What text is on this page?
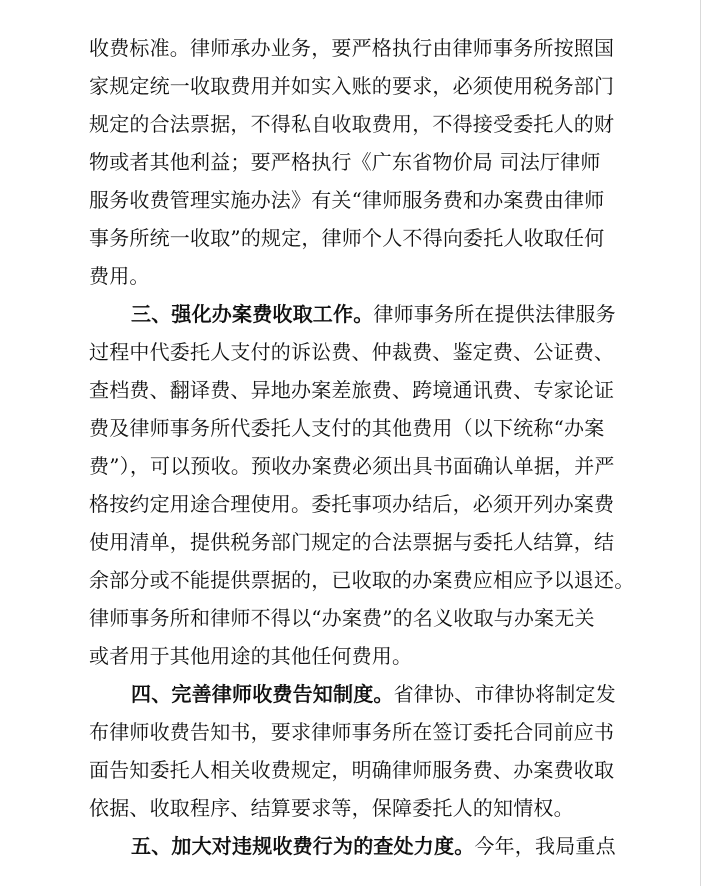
收费标准。律师承办业务，要严格执行由律师事务所按照国
家规定统一收取费用并如实入账的要求，必须使用税务部门
规定的合法票据，不得私自收取费用，不得接受委托人的财
物或者其他利益；要严格执行《广东省物价局 司法厅律师
服务收费管理实施办法》有关“律师服务费和办案费由律师
事务所统一收取”的规定，律师个人不得向委托人收取任何
费用。
三、强化办案费收取工作。律师事务所在提供法律服务
过程中代委托人支付的诉讼费、仲裁费、鉴定费、公证费、
查档费、翻译费、异地办案差旅费、跨境通讯费、专家论证
费及律师事务所代委托人支付的其他费用（以下统称“办案
费”），可以预收。预收办案费必须出具书面确认单据，并严
格按约定用途合理使用。委托事项办结后，必须开列办案费
使用清单，提供税务部门规定的合法票据与委托人结算，结
余部分或不能提供票据的，已收取的办案费应相应予以退还。
律师事务所和律师不得以“办案费”的名义收取与办案无关
或者用于其他用途的其他任何费用。
四、完善律师收费告知制度。省律协、市律协将制定发
布律师收费告知书，要求律师事务所在签订委托合同前应书
面告知委托人相关收费规定，明确律师服务费、办案费收取
依据、收取程序、结算要求等，保障委托人的知情权。
五、加大对违规收费行为的查处力度。今年，我局重点
